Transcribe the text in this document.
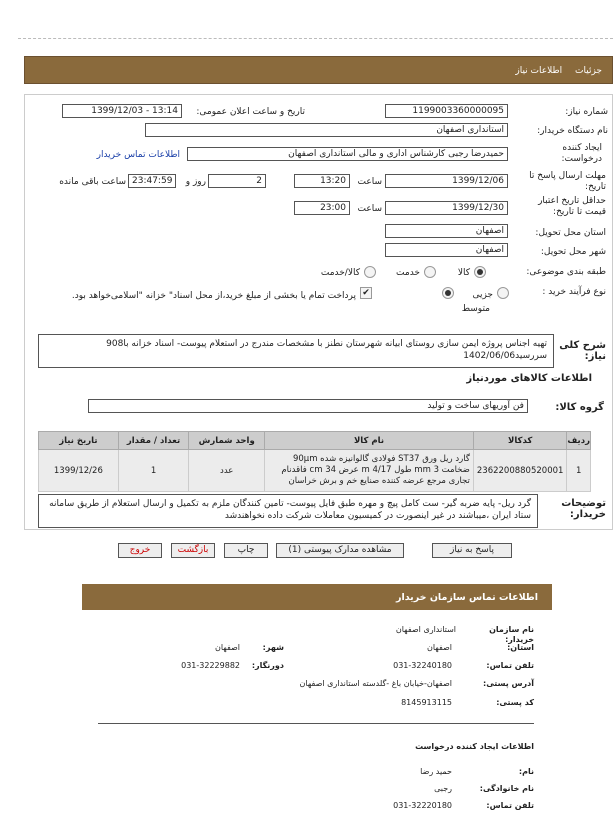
جزئیات اطلاعات نیاز
شماره نیاز:
1199003360000095
تاریخ و ساعت اعلان عمومی:
1399/12/03 - 13:14
نام دستگاه خریدار:
استانداری اصفهان
ایجاد کننده درخواست:
حمیدرضا رجبی کارشناس اداری و مالی استانداری اصفهان
اطلاعات تماس خریدار
مهلت ارسال پاسخ تا تاریخ:
1399/12/06
ساعت
13:20
2
روز و
23:47:59
ساعت باقی مانده
حداقل تاریخ اعتبار قیمت تا تاریخ:
1399/12/30
ساعت
23:00
استان محل تحویل:
اصفهان
شهر محل تحویل:
اصفهان
طبقه بندی موضوعی:
کالا
خدمت
کالا/خدمت
نوع فرآیند خرید :
جزیی
متوسط
✔
پرداخت تمام یا بخشی از مبلغ خرید،از محل اسناد" خزانه "اسلامی‌خواهد بود.
شرح کلی نیاز:
تهیه اجناس پروژه ایمن سازی روستای ابیانه شهرستان نطنز با مشخصات مندرج در استعلام پیوست- اسناد خزانه با908 سررسید1402/06/06
اطلاعات کالاهای موردنیاز
گروه کالا:
فن آوریهای ساخت و تولید
ردیف	کدکالا	نام کالا	واحد شمارش	تعداد / مقدار	تاریخ نیاز
1	2362200880520001	گارد ریل ورق ST37 فولادی گالوانیزه شده 90µm ضخامت 3 mm طول 4/17 m عرض 34 cm فاقدنام تجاری مرجع عرضه کننده صنایع خم و برش خراسان	عدد	1	1399/12/26
توضیحات خریدار:
گرد ریل- پایه ضربه گیر- ست کامل پیچ و مهره طبق فایل پیوست- تامین کنندگان ملزم به تکمیل و ارسال استعلام از طریق سامانه ستاد ایران ،میباشند در غیر اینصورت در کمیسیون معاملات شرکت داده نخواهندشد
پاسخ به نیاز
مشاهده مدارک پیوستی (1)
چاپ
بازگشت
خروج
اطلاعات تماس سازمان خریدار
نام سازمان خریدار:
استانداری اصفهان
استان:
اصفهان
شهر:
اصفهان
تلفن تماس:
031-32240180
دورنگار:
031-32229882
آدرس پستی:
اصفهان-خیابان باغ -گلدسته استانداری اصفهان
کد پستی:
8145913115
اطلاعات ایجاد کننده درخواست
نام:
حمید رضا
نام خانوادگی:
رجبی
تلفن تماس:
031-32220180
